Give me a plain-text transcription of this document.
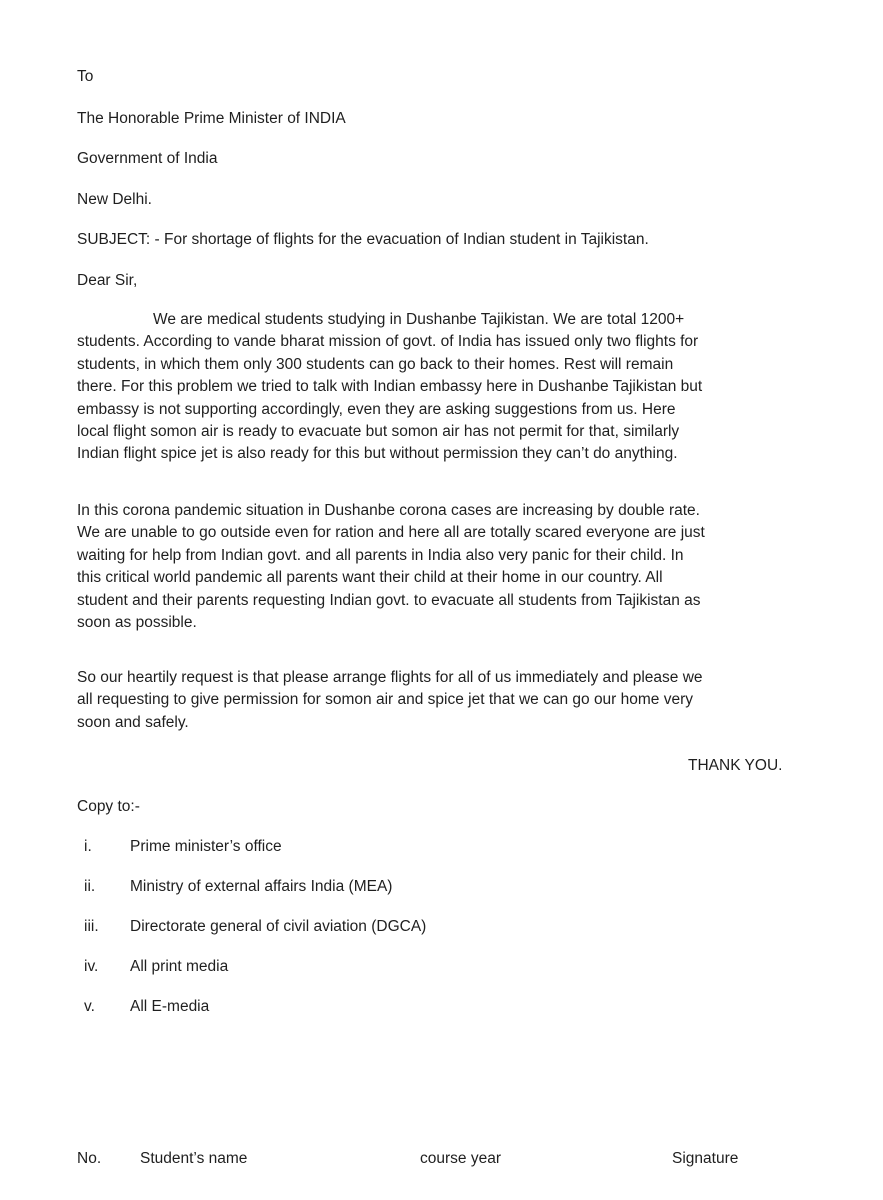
To
The Honorable Prime Minister of INDIA
Government of India
New Delhi.
SUBJECT: - For shortage of flights for the evacuation of Indian student in Tajikistan.
Dear Sir,
We are medical students studying in Dushanbe Tajikistan. We are total 1200+
students. According to vande bharat mission of govt. of India has issued only two flights for
students, in which them only 300 students can go back to their homes. Rest will remain
there. For this problem we tried to talk with Indian embassy here in Dushanbe Tajikistan but
embassy is not supporting accordingly, even they are asking suggestions from us. Here
local flight somon air is ready to evacuate but somon air has not permit for that, similarly
Indian flight spice jet is also ready for this but without permission they can’t do anything.
In this corona pandemic situation in Dushanbe corona cases are increasing by double rate.
We are unable to go outside even for ration and here all are totally scared everyone are just
waiting for help from Indian govt. and all parents in India also very panic for their child. In
this critical world pandemic all parents want their child at their home in our country. All
student and their parents requesting Indian govt. to evacuate all students from Tajikistan as
soon as possible.
So our heartily request is that please arrange flights for all of us immediately and please we
all requesting to give permission for somon air and spice jet that we can go our home very
soon and safely.
THANK YOU.
Copy to:-
i.	Prime minister’s office
ii.	Ministry of external affairs India (MEA)
iii.	Directorate general of civil aviation (DGCA)
iv.	All print media
v.	All E-media
No.	Student’s name	course year	Signature
